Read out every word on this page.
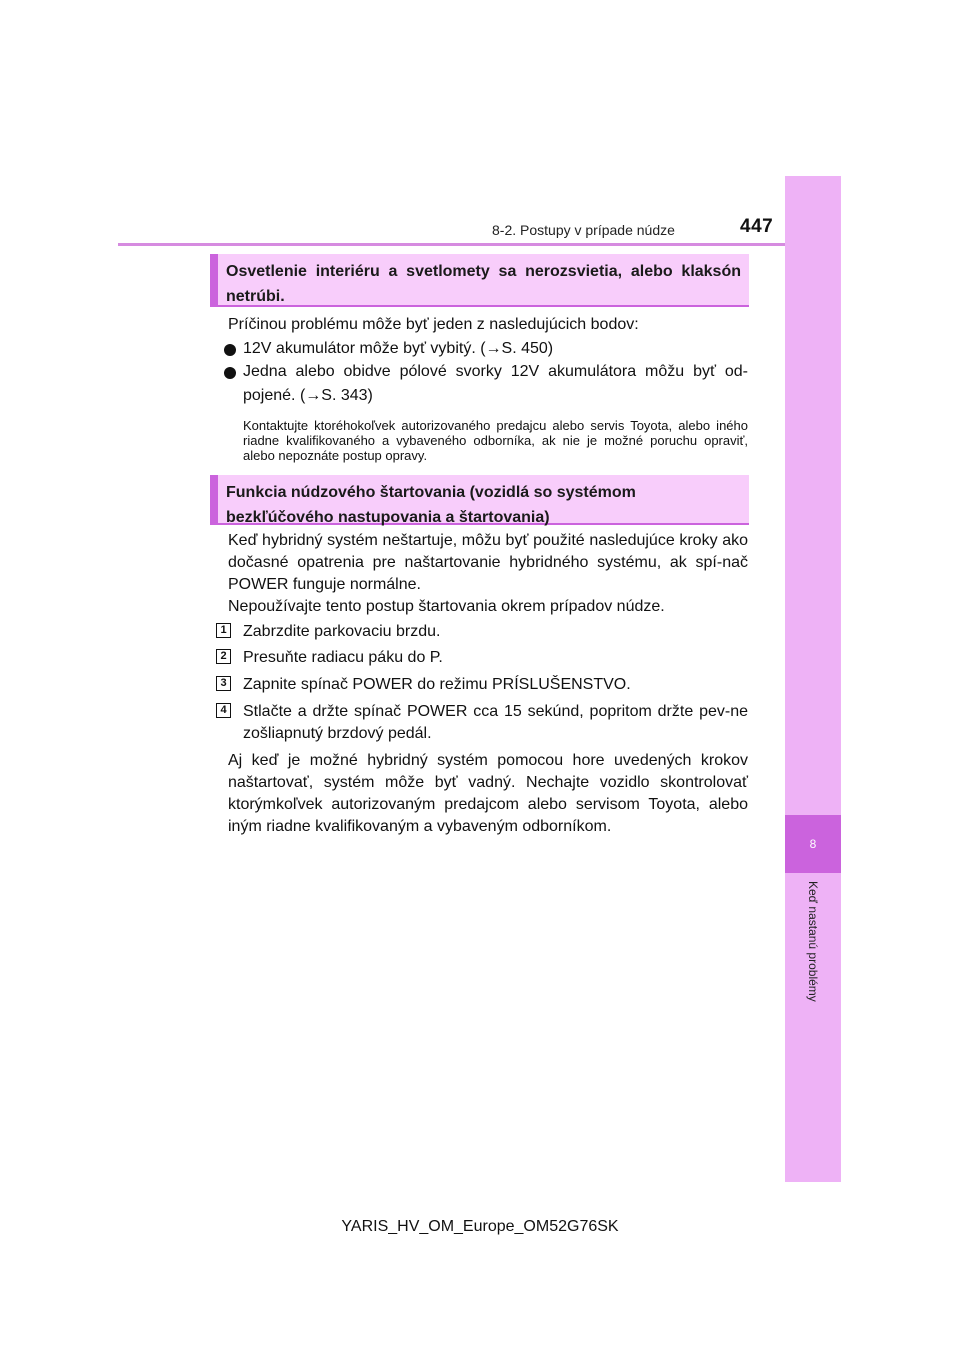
8-2. Postupy v prípade núdze	447
8
Keď nastanú problémy
Osvetlenie interiéru a svetlomety sa nerozsvietia, alebo klaksón netrúbi.
Príčinou problému môže byť jeden z nasledujúcich bodov:
12V akumulátor môže byť vybitý. (→S. 450)
Jedna alebo obidve pólové svorky 12V akumulátora môžu byť od-pojené. (→S. 343)
Kontaktujte ktoréhokoľvek autorizovaného predajcu alebo servis Toyota, alebo iného riadne kvalifikovaného a vybaveného odborníka, ak nie je možné poruchu opraviť, alebo nepoznáte postup opravy.
Funkcia núdzového štartovania (vozidlá so systémom
bezkľúčového nastupovania a štartovania)
Keď hybridný systém neštartuje, môžu byť použité nasledujúce kroky ako dočasné opatrenia pre naštartovanie hybridného systému, ak spí-nač POWER funguje normálne.
Nepoužívajte tento postup štartovania okrem prípadov núdze.
1 Zabrzdite parkovaciu brzdu.
2 Presuňte radiacu páku do P.
3 Zapnite spínač POWER do režimu PRÍSLUŠENSTVO.
4 Stlačte a držte spínač POWER cca 15 sekúnd, popritom držte pev-ne zošliapnutý brzdový pedál.
Aj keď je možné hybridný systém pomocou hore uvedených krokov naštartovať, systém môže byť vadný. Nechajte vozidlo skontrolovať ktorýmkoľvek autorizovaným predajcom alebo servisom Toyota, alebo iným riadne kvalifikovaným a vybaveným odborníkom.
YARIS_HV_OM_Europe_OM52G76SK
